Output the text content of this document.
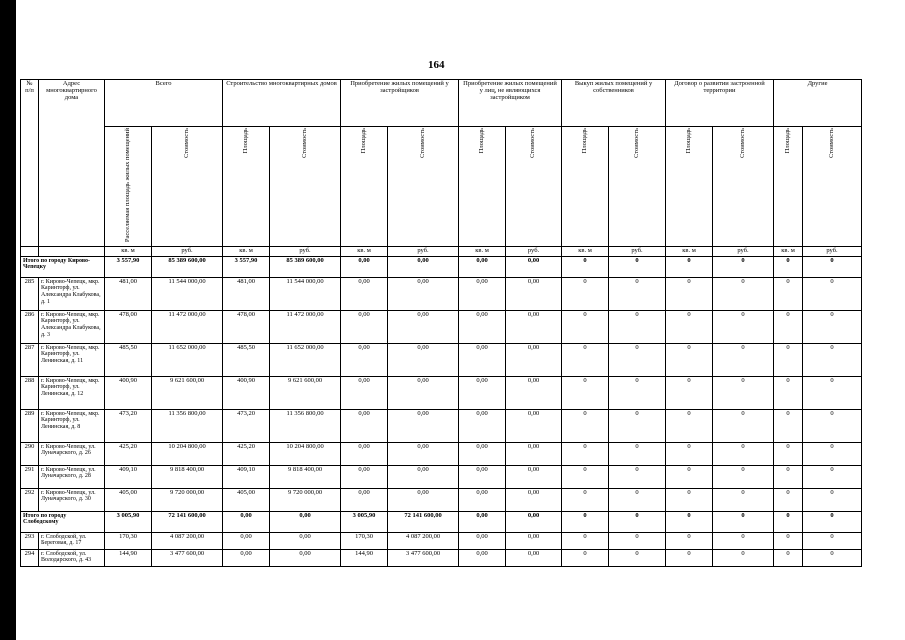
164
№ п/п	Адрес многоквартирного дома	Всего		Строительство многоквартирных домов		Приобретение жилых помещений у застройщиков		Приобретение жилых помещений у лиц, не являющихся застройщиком		Выкуп жилых помещений у собственников		Договор о развитии застроенной территории		Другие	
		Расселяемая площадь жилых помещений	Стоимость	Площадь	Стоимость	Площадь	Стоимость	Площадь	Стоимость	Площадь	Стоимость	Площадь	Стоимость	Площадь	Стоимость
		кв. м	руб.	кв. м	руб.	кв. м	руб.	кв. м	руб.	кв. м	руб.	кв. м	руб.	кв. м	руб.
Итого по городу Кирово-Чепецку		3 557,90	85 389 600,00	3 557,90	85 389 600,00	0,00	0,00	0,00	0,00	0	0	0	0	0	0
285	г. Кирово-Чепецк, мкр. Каринторф, ул. Александра Клабукова, д. 1	481,00	11 544 000,00	481,00	11 544 000,00	0,00	0,00	0,00	0,00	0	0	0	0	0	0
286	г. Кирово-Чепецк, мкр. Каринторф, ул. Александра Клабукова, д. 3	478,00	11 472 000,00	478,00	11 472 000,00	0,00	0,00	0,00	0,00	0	0	0	0	0	0
287	г. Кирово-Чепецк, мкр. Каринторф, ул. Ленинская, д. 11	485,50	11 652 000,00	485,50	11 652 000,00	0,00	0,00	0,00	0,00	0	0	0	0	0	0
288	г. Кирово-Чепецк, мкр. Каринторф, ул. Ленинская, д. 12	400,90	9 621 600,00	400,90	9 621 600,00	0,00	0,00	0,00	0,00	0	0	0	0	0	0
289	г. Кирово-Чепецк, мкр. Каринторф, ул. Ленинская, д. 8	473,20	11 356 800,00	473,20	11 356 800,00	0,00	0,00	0,00	0,00	0	0	0	0	0	0
290	г. Кирово-Чепецк, ул. Луначарского, д. 26	425,20	10 204 800,00	425,20	10 204 800,00	0,00	0,00	0,00	0,00	0	0	0	0	0	0
291	г. Кирово-Чепецк, ул. Луначарского, д. 28	409,10	9 818 400,00	409,10	9 818 400,00	0,00	0,00	0,00	0,00	0	0	0	0	0	0
292	г. Кирово-Чепецк, ул. Луначарского, д. 30	405,00	9 720 000,00	405,00	9 720 000,00	0,00	0,00	0,00	0,00	0	0	0	0	0	0
Итого по городу Слободскому		3 005,90	72 141 600,00	0,00	0,00	3 005,90	72 141 600,00	0,00	0,00	0	0	0	0	0	0
293	г. Слободской, ул. Береговая, д. 17	170,30	4 087 200,00	0,00	0,00	170,30	4 087 200,00	0,00	0,00	0	0	0	0	0	0
294	г. Слободской, ул. Володарского, д. 43	144,90	3 477 600,00	0,00	0,00	144,90	3 477 600,00	0,00	0,00	0	0	0	0	0	0
